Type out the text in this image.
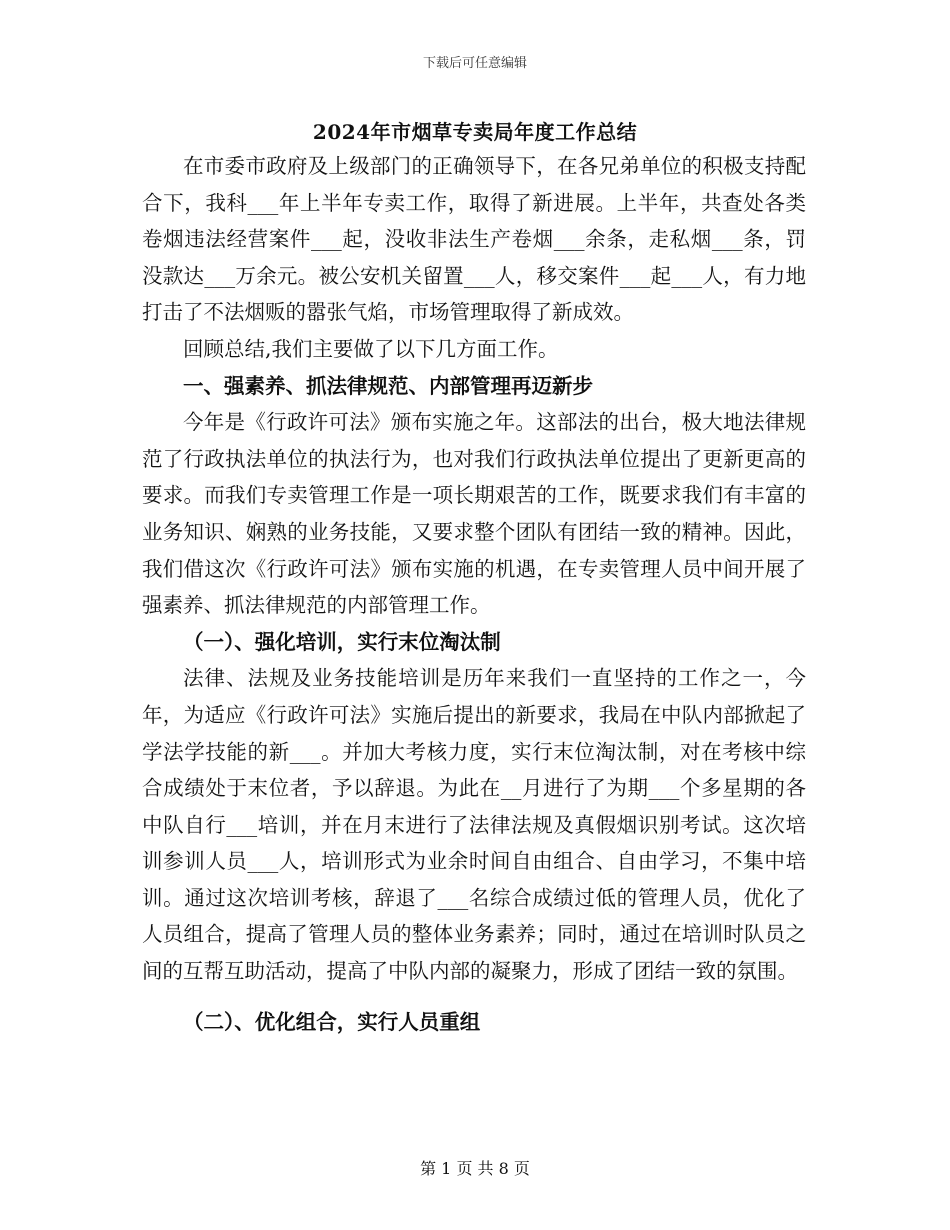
下载后可任意编辑
2024年市烟草专卖局年度工作总结

在市委市政府及上级部门的正确领导下，在各兄弟单位的积极支持配合下，我科___年上半年专卖工作，取得了新进展。上半年，共查处各类卷烟违法经营案件___起，没收非法生产卷烟___余条，走私烟___条，罚没款达___万余元。被公安机关留置___人，移交案件___起___人，有力地打击了不法烟贩的嚣张气焰，市场管理取得了新成效。

回顾总结,我们主要做了以下几方面工作。

一、强素养、抓法律规范、内部管理再迈新步

今年是《行政许可法》颁布实施之年。这部法的出台，极大地法律规范了行政执法单位的执法行为，也对我们行政执法单位提出了更新更高的要求。而我们专卖管理工作是一项长期艰苦的工作，既要求我们有丰富的业务知识、娴熟的业务技能，又要求整个团队有团结一致的精神。因此，我们借这次《行政许可法》颁布实施的机遇，在专卖管理人员中间开展了强素养、抓法律规范的内部管理工作。

（一）、强化培训，实行末位淘汰制

法律、法规及业务技能培训是历年来我们一直坚持的工作之一，今年，为适应《行政许可法》实施后提出的新要求，我局在中队内部掀起了学法学技能的新___。并加大考核力度，实行末位淘汰制，对在考核中综合成绩处于末位者，予以辞退。为此在__月进行了为期___个多星期的各中队自行___培训，并在月末进行了法律法规及真假烟识别考试。这次培训参训人员___人，培训形式为业余时间自由组合、自由学习，不集中培训。通过这次培训考核，辞退了___名综合成绩过低的管理人员，优化了人员组合，提高了管理人员的整体业务素养；同时，通过在培训时队员之间的互帮互助活动，提高了中队内部的凝聚力，形成了团结一致的氛围。

（二）、优化组合，实行人员重组
第 1 页 共 8 页
